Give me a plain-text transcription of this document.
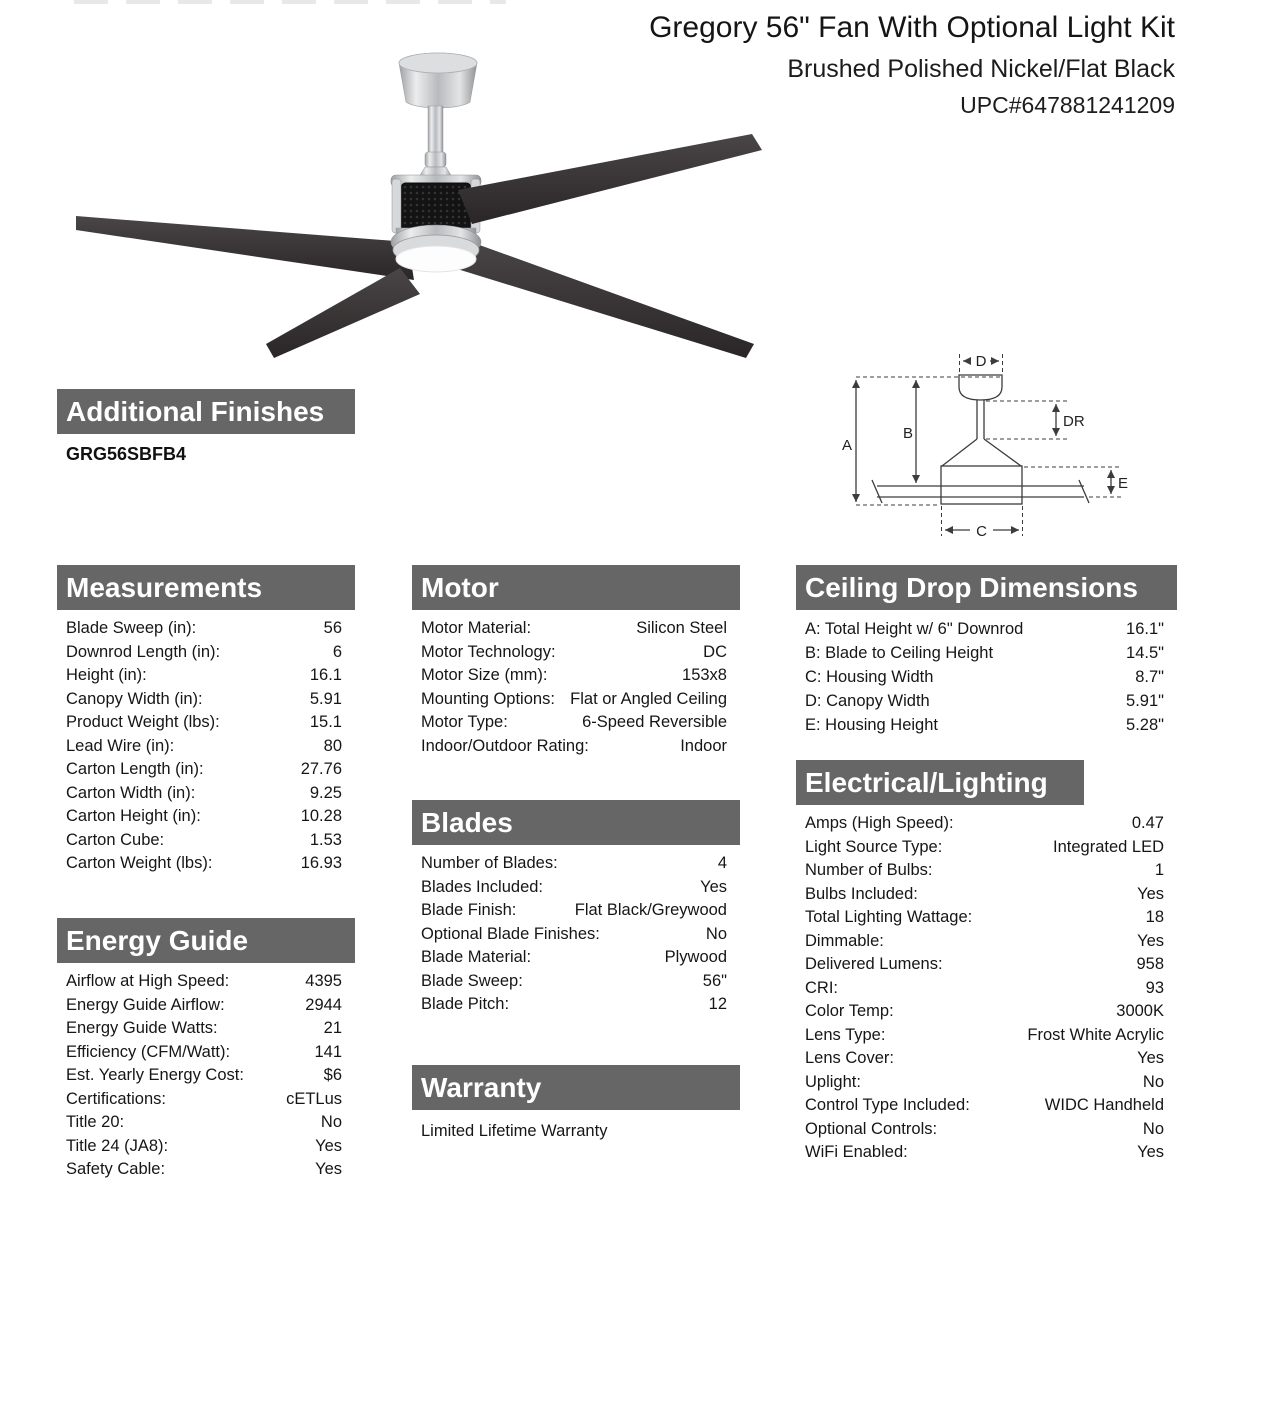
Gregory 56" Fan With Optional Light Kit
Brushed Polished Nickel/Flat Black
UPC#647881241209
A
B
D
DR
E
C
Additional Finishes
GRG56SBFB4
Measurements
Blade Sweep (in):	56
Downrod Length (in):	6
Height (in):	16.1
Canopy Width (in):	5.91
Product Weight (lbs):	15.1
Lead Wire (in):	80
Carton Length (in):	27.76
Carton Width (in):	9.25
Carton Height (in):	10.28
Carton Cube:	1.53
Carton Weight (lbs):	16.93
Energy Guide
Airflow at High Speed:	4395
Energy Guide Airflow:	2944
Energy Guide Watts:	21
Efficiency (CFM/Watt):	141
Est. Yearly Energy Cost:	$6
Certifications:	cETLus
Title 20:	No
Title 24 (JA8):	Yes
Safety Cable:	Yes
Motor
Motor Material:	Silicon Steel
Motor Technology:	DC
Motor Size (mm):	153x8
Mounting Options: Flat or Angled Ceiling
Motor Type:	6-Speed Reversible
Indoor/Outdoor Rating:	Indoor
Blades
Number of Blades:	4
Blades Included:	Yes
Blade Finish:	Flat Black/Greywood
Optional Blade Finishes:	No
Blade Material:	Plywood
Blade Sweep:	56"
Blade Pitch:	12
Warranty
Limited Lifetime Warranty
Ceiling Drop Dimensions
A: Total Height w/ 6" Downrod	16.1"
B: Blade to Ceiling Height	14.5"
C: Housing Width	8.7"
D: Canopy Width	5.91"
E: Housing Height	5.28"
Electrical/Lighting
Amps (High Speed):	0.47
Light Source Type:	Integrated LED
Number of Bulbs:	1
Bulbs Included:	Yes
Total Lighting Wattage:	18
Dimmable:	Yes
Delivered Lumens:	958
CRI:	93
Color Temp:	3000K
Lens Type:	Frost White Acrylic
Lens Cover:	Yes
Uplight:	No
Control Type Included:	WIDC Handheld
Optional Controls:	No
WiFi Enabled:	Yes
